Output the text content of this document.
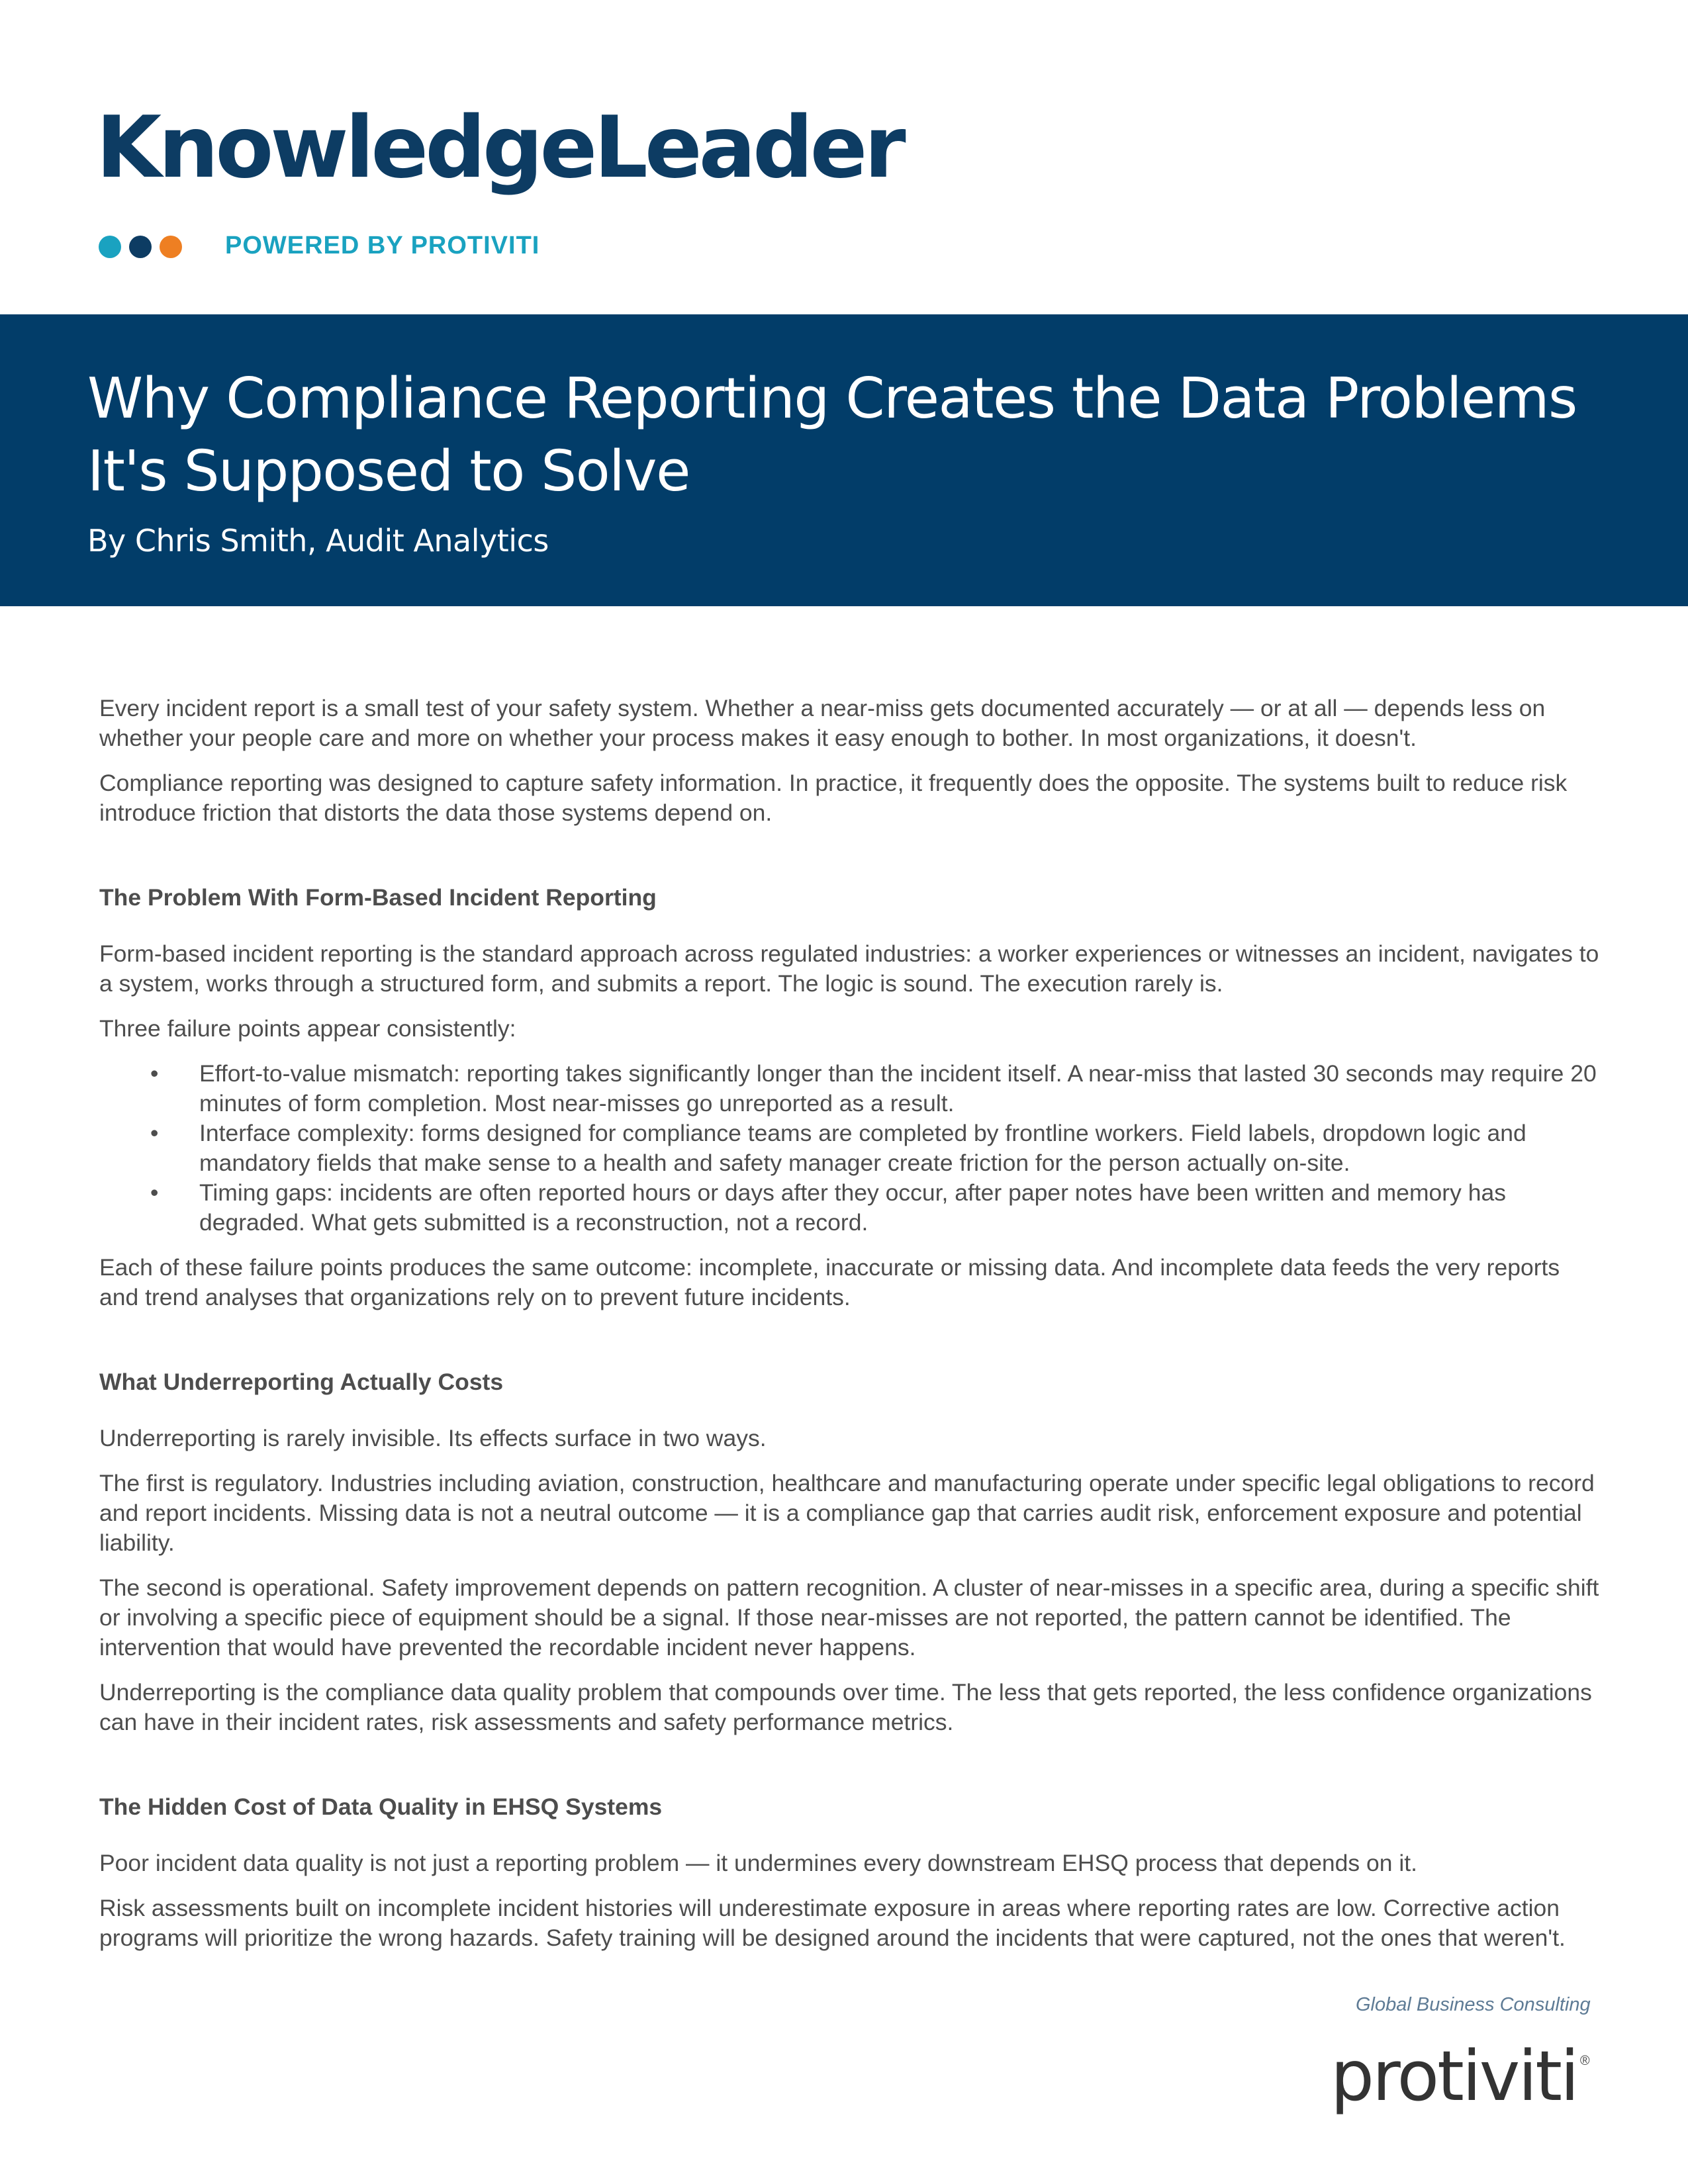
KnowledgeLeader
POWERED BY PROTIVITI
Why Compliance Reporting Creates the Data Problems It's Supposed to Solve
By Chris Smith, Audit Analytics

Every incident report is a small test of your safety system. Whether a near-miss gets documented accurately — or at all — depends less on whether your people care and more on whether your process makes it easy enough to bother. In most organizations, it doesn't.

Compliance reporting was designed to capture safety information. In practice, it frequently does the opposite. The systems built to reduce risk introduce friction that distorts the data those systems depend on.

The Problem With Form-Based Incident Reporting

Form-based incident reporting is the standard approach across regulated industries: a worker experiences or witnesses an incident, navigates to a system, works through a structured form, and submits a report. The logic is sound. The execution rarely is.

Three failure points appear consistently:

• Effort-to-value mismatch: reporting takes significantly longer than the incident itself. A near-miss that lasted 30 seconds may require 20 minutes of form completion. Most near-misses go unreported as a result.
• Interface complexity: forms designed for compliance teams are completed by frontline workers. Field labels, dropdown logic and mandatory fields that make sense to a health and safety manager create friction for the person actually on-site.
• Timing gaps: incidents are often reported hours or days after they occur, after paper notes have been written and memory has degraded. What gets submitted is a reconstruction, not a record.

Each of these failure points produces the same outcome: incomplete, inaccurate or missing data. And incomplete data feeds the very reports and trend analyses that organizations rely on to prevent future incidents.

What Underreporting Actually Costs

Underreporting is rarely invisible. Its effects surface in two ways.

The first is regulatory. Industries including aviation, construction, healthcare and manufacturing operate under specific legal obligations to record and report incidents. Missing data is not a neutral outcome — it is a compliance gap that carries audit risk, enforcement exposure and potential liability.

The second is operational. Safety improvement depends on pattern recognition. A cluster of near-misses in a specific area, during a specific shift or involving a specific piece of equipment should be a signal. If those near-misses are not reported, the pattern cannot be identified. The intervention that would have prevented the recordable incident never happens.

Underreporting is the compliance data quality problem that compounds over time. The less that gets reported, the less confidence organizations can have in their incident rates, risk assessments and safety performance metrics.

The Hidden Cost of Data Quality in EHSQ Systems

Poor incident data quality is not just a reporting problem — it undermines every downstream EHSQ process that depends on it.

Risk assessments built on incomplete incident histories will underestimate exposure in areas where reporting rates are low. Corrective action programs will prioritize the wrong hazards. Safety training will be designed around the incidents that were captured, not the ones that weren't.

protiviti ®
Global Business Consulting
